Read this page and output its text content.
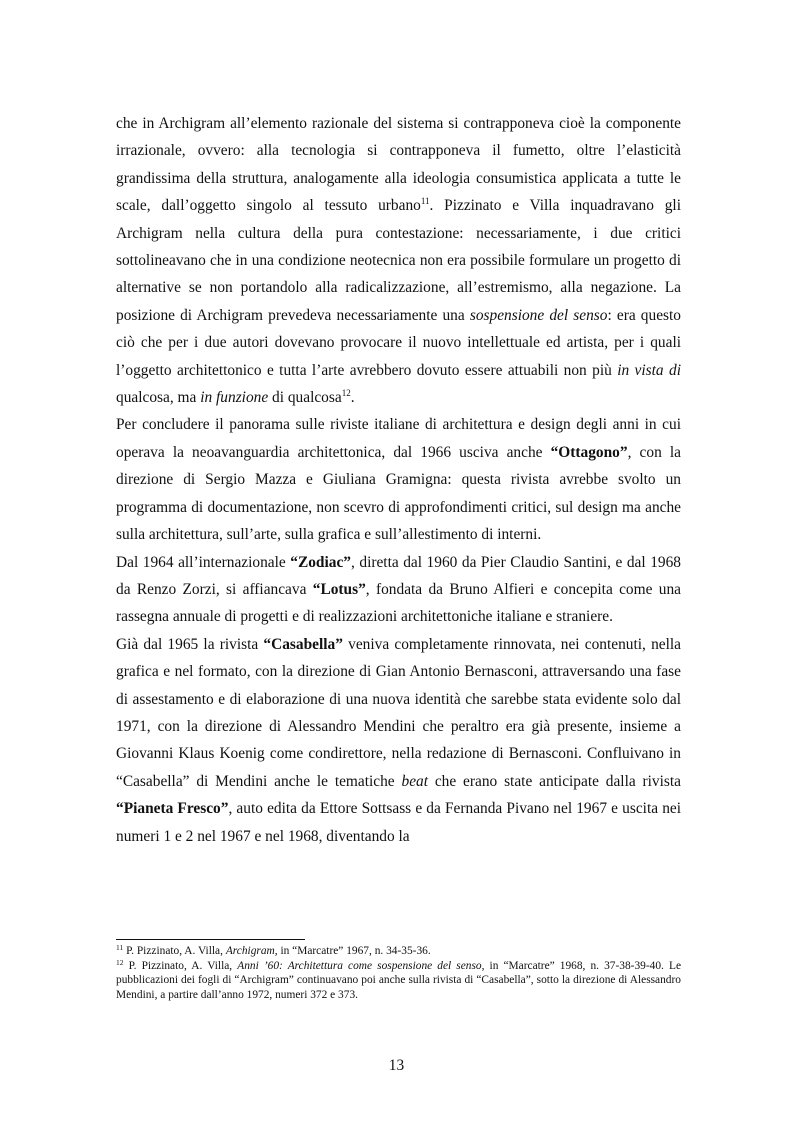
che in Archigram all’elemento razionale del sistema si contrapponeva cioè la componente irrazionale, ovvero: alla tecnologia si contrapponeva il fumetto, oltre l’elasticità grandissima della struttura, analogamente alla ideologia consumistica applicata a tutte le scale, dall’oggetto singolo al tessuto urbano$^{11}$. Pizzinato e Villa inquadravano gli Archigram nella cultura della pura contestazione: necessariamente, i due critici sottolineavano che in una condizione neotecnica non era possibile formulare un progetto di alternative se non portandolo alla radicalizzazione, all’estremismo, alla negazione. La posizione di Archigram prevedeva necessariamente una sospensione del senso: era questo ciò che per i due autori dovevano provocare il nuovo intellettuale ed artista, per i quali l’oggetto architettonico e tutta l’arte avrebbero dovuto essere attuabili non più in vista di qualcosa, ma in funzione di qualcosa$^{12}$.

Per concludere il panorama sulle riviste italiane di architettura e design degli anni in cui operava la neoavanguardia architettonica, dal 1966 usciva anche “Ottagono”, con la direzione di Sergio Mazza e Giuliana Gramigna: questa rivista avrebbe svolto un programma di documentazione, non scevro di approfondimenti critici, sul design ma anche sulla architettura, sull’arte, sulla grafica e sull’allestimento di interni.

Dal 1964 all’internazionale “Zodiac”, diretta dal 1960 da Pier Claudio Santini, e dal 1968 da Renzo Zorzi, si affiancava “Lotus”, fondata da Bruno Alfieri e concepita come una rassegna annuale di progetti e di realizzazioni architettoniche italiane e straniere.

Già dal 1965 la rivista “Casabella” veniva completamente rinnovata, nei contenuti, nella grafica e nel formato, con la direzione di Gian Antonio Bernasconi, attraversando una fase di assestamento e di elaborazione di una nuova identità che sarebbe stata evidente solo dal 1971, con la direzione di Alessandro Mendini che peraltro era già presente, insieme a Giovanni Klaus Koenig come condirettore, nella redazione di Bernasconi. Confluivano in “Casabella” di Mendini anche le tematiche beat che erano state anticipate dalla rivista “Pianeta Fresco”, auto edita da Ettore Sottsass e da Fernanda Pivano nel 1967 e uscita nei numeri 1 e 2 nel 1967 e nel 1968, diventando la

$^{11}$ P. Pizzinato, A. Villa, Archigram, in “Marcatre” 1967, n. 34-35-36.

$^{12}$ P. Pizzinato, A. Villa, Anni ’60: Architettura come sospensione del senso, in “Marcatre” 1968, n. 37-38-39-40. Le pubblicazioni dei fogli di “Archigram” continuavano poi anche sulla rivista di “Casabella”, sotto la direzione di Alessandro Mendini, a partire dall’anno 1972, numeri 372 e 373.

13
